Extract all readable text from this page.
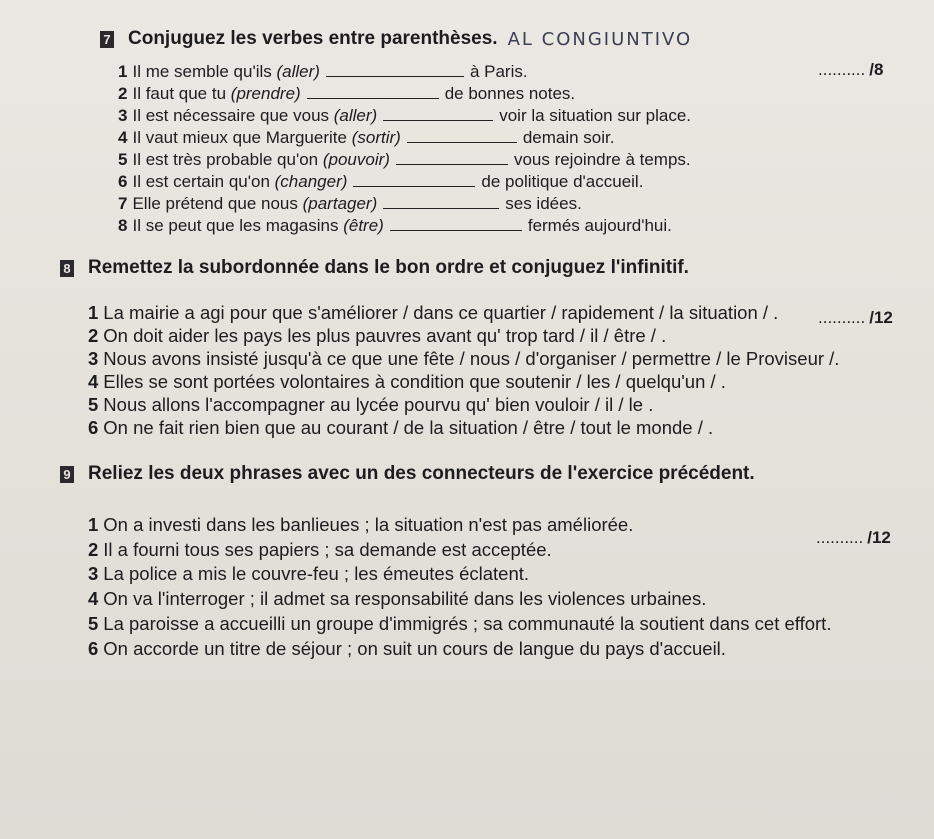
7 Conjuguez les verbes entre parenthèses. AL CONGIUNTIVO
.......... /8
1 Il me semble qu'ils (aller)	à Paris.
2 Il faut que tu (prendre)	de bonnes notes.
3 Il est nécessaire que vous (aller)	voir la situation sur place.
4 Il vaut mieux que Marguerite (sortir)	demain soir.
5 Il est très probable qu'on (pouvoir)	vous rejoindre à temps.
6 Il est certain qu'on (changer)	de politique d'accueil.
7 Elle prétend que nous (partager)	ses idées.
8 Il se peut que les magasins (être)	fermés aujourd'hui.
8 Remettez la subordonnée dans le bon ordre et conjuguez l'infinitif.
.......... /12
1 La mairie a agi pour que s'améliorer / dans ce quartier / rapidement / la situation / .
2 On doit aider les pays les plus pauvres avant qu' trop tard / il / être / .
3 Nous avons insisté jusqu'à ce que une fête / nous / d'organiser / permettre / le Proviseur /.
4 Elles se sont portées volontaires à condition que soutenir / les / quelqu'un / .
5 Nous allons l'accompagner au lycée pourvu qu' bien vouloir / il / le .
6 On ne fait rien bien que au courant / de la situation / être / tout le monde / .
9 Reliez les deux phrases avec un des connecteurs de l'exercice précédent.
.......... /12
1 On a investi dans les banlieues ; la situation n'est pas améliorée.
2 Il a fourni tous ses papiers ; sa demande est acceptée.
3 La police a mis le couvre-feu ; les émeutes éclatent.
4 On va l'interroger ; il admet sa responsabilité dans les violences urbaines.
5 La paroisse a accueilli un groupe d'immigrés ; sa communauté la soutient dans cet effort.
6 On accorde un titre de séjour ; on suit un cours de langue du pays d'accueil.
